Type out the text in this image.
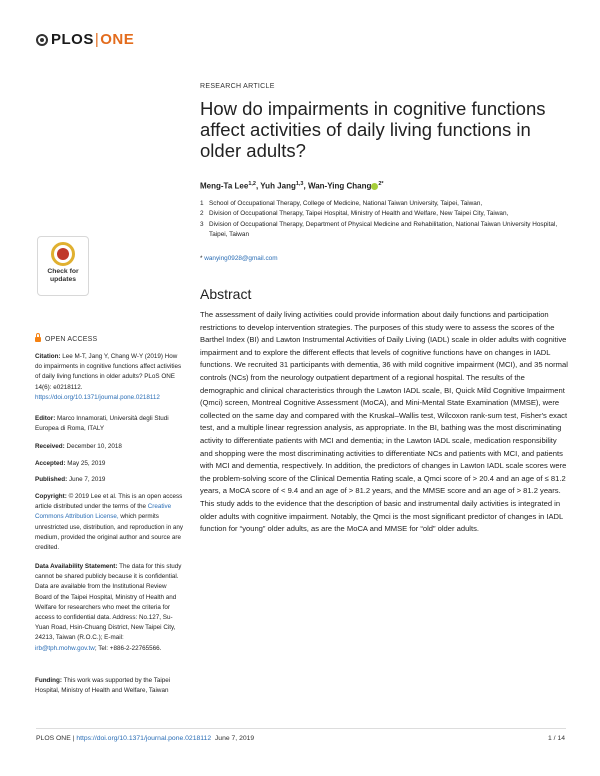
PLOS|ONE
RESEARCH ARTICLE
How do impairments in cognitive functions affect activities of daily living functions in older adults?
Meng-Ta Lee$^{1,2}$, Yuh Jang$^{1,3}$, Wan-Ying Chang $^{2*}$
1 School of Occupational Therapy, College of Medicine, National Taiwan University, Taipei, Taiwan,
2 Division of Occupational Therapy, Taipei Hospital, Ministry of Health and Welfare, New Taipei City, Taiwan,
3 Division of Occupational Therapy, Department of Physical Medicine and Rehabilitation, National Taiwan University Hospital, Taipei, Taiwan
* wanying0928@gmail.com
Abstract
The assessment of daily living activities could provide information about daily functions and participation restrictions to develop intervention strategies. The purposes of this study were to assess the scores of the Barthel Index (BI) and Lawton Instrumental Activities of Daily Living (IADL) scale in older adults with cognitive impairment and to explore the different effects that levels of cognitive functions have on changes in IADL functions. We recruited 31 participants with dementia, 36 with mild cognitive impairment (MCI), and 35 normal controls (NCs) from the neurology outpatient department of a regional hospital. The results of the demographic and clinical characteristics through the Lawton IADL scale, BI, Quick Mild Cognitive Impairment (Qmci) screen, Montreal Cognitive Assessment (MoCA), and Mini-Mental State Examination (MMSE), were collected on the same day and compared with the Kruskal–Wallis test, Wilcoxon rank-sum test, Fisher's exact test, and a multiple linear regression analysis, as appropriate. In the BI, bathing was the most discriminating activity to differentiate patients with MCI and dementia; in the Lawton IADL scale, medication responsibility and shopping were the most discriminating activities to differentiate NCs and patients with MCI, and patients with MCI and dementia, respectively. In addition, the predictors of changes in Lawton IADL scale scores were the problem-solving score of the Clinical Dementia Rating scale, a Qmci score of > 20.4 and an age of ≤ 81.2 years, a MoCA score of < 9.4 and an age of > 81.2 years, and the MMSE score and an age of > 81.2 years. This study adds to the evidence that the description of basic and instrumental daily activities is integrated in older adults with cognitive impairment. Notably, the Qmci is the most significant predictor of changes in IADL function for “young” older adults, as are the MoCA and MMSE for “old” older adults.
Check for updates
OPEN ACCESS
Citation: Lee M-T, Jang Y, Chang W-Y (2019) How do impairments in cognitive functions affect activities of daily living functions in older adults? PLoS ONE 14(6): e0218112. https://doi.org/10.1371/journal.pone.0218112
Editor: Marco Innamorati, Università degli Studi Europea di Roma, ITALY
Received: December 10, 2018
Accepted: May 25, 2019
Published: June 7, 2019
Copyright: © 2019 Lee et al. This is an open access article distributed under the terms of the Creative Commons Attribution License, which permits unrestricted use, distribution, and reproduction in any medium, provided the original author and source are credited.
Data Availability Statement: The data for this study cannot be shared publicly because it is confidential. Data are available from the Institutional Review Board of the Taipei Hospital, Ministry of Health and Welfare for researchers who meet the criteria for access to confidential data. Address: No.127, Su-Yuan Road, Hsin-Chuang District, New Taipei City, 24213, Taiwan (R.O.C.); E-mail: irb@tph.mohw.gov.tw; Tel: +886-2-22765566.
Funding: This work was supported by the Taipei Hospital, Ministry of Health and Welfare, Taiwan
PLOS ONE | https://doi.org/10.1371/journal.pone.0218112 June 7, 2019	1 / 14
